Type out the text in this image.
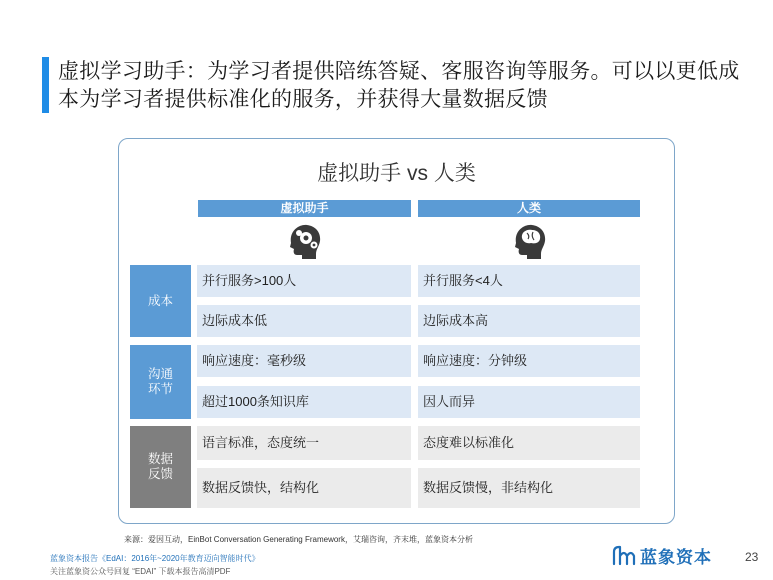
虚拟学习助手：为学习者提供陪练答疑、客服咨询等服务。可以以更低成本为学习者提供标准化的服务，并获得大量数据反馈
虚拟助手 vs 人类
虚拟助手	人类
成本
并行服务>100人	并行服务<4人
边际成本低	边际成本高
沟通环节
响应速度：毫秒级	响应速度：分钟级
超过1000条知识库	因人而异
数据反馈
语言标准，态度统一	态度难以标准化
数据反馈快，结构化	数据反馈慢，非结构化
来源：爱因互动，EinBot Conversation Generating Framework，艾瑞咨询，齐末堆，蓝象资本分析
蓝象资本报告《EdAI：2016年~2020年教育迈向智能时代》
关注蓝象资公众号回复 “EDAI” 下载本报告高清PDF
蓝象资本	23
